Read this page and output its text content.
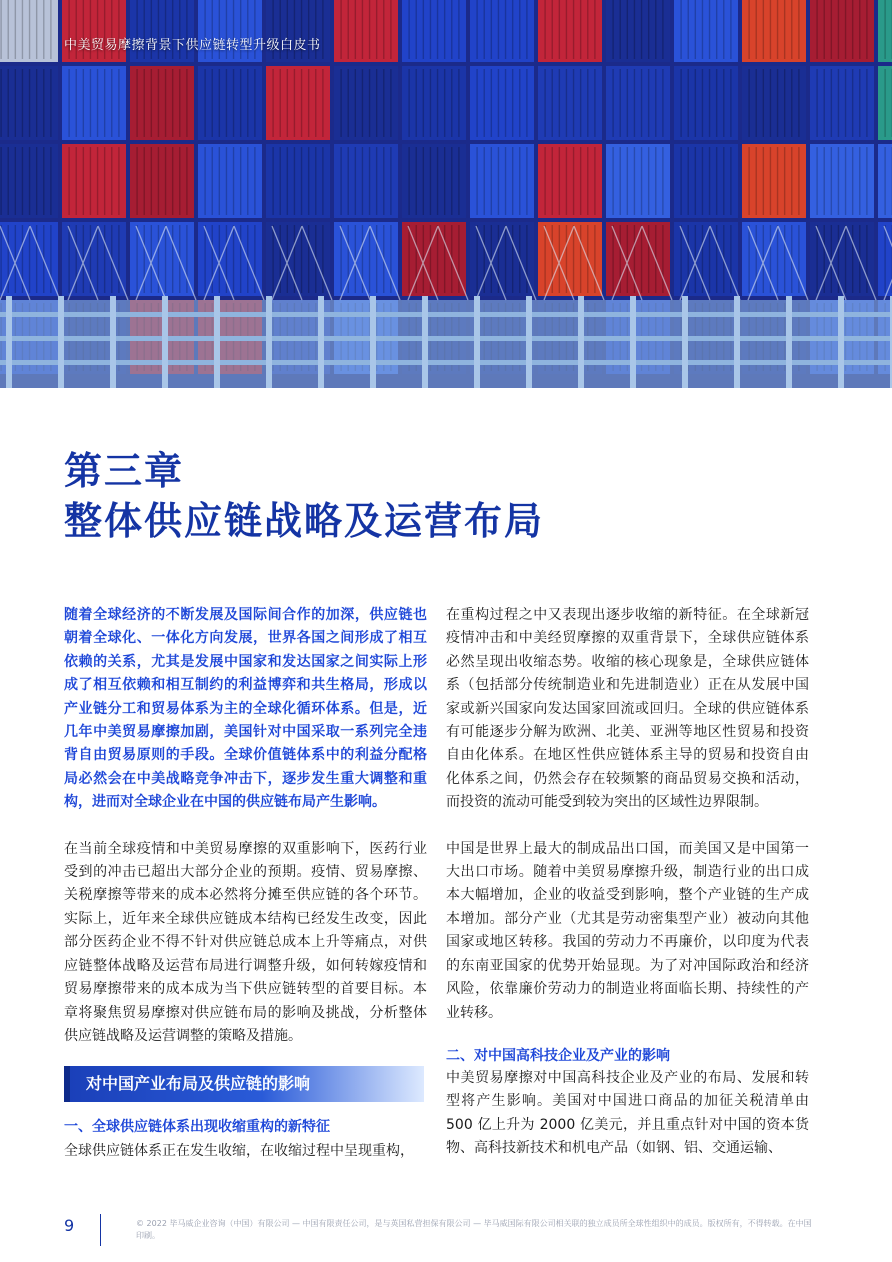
中美贸易摩擦背景下供应链转型升级白皮书
第三章
整体供应链战略及运营布局

随着全球经济的不断发展及国际间合作的加深，供应链也朝着全球化、一体化方向发展，世界各国之间形成了相互依赖的关系，尤其是发展中国家和发达国家之间实际上形成了相互依赖和相互制约的利益博弈和共生格局，形成以产业链分工和贸易体系为主的全球化循环体系。但是，近几年中美贸易摩擦加剧，美国针对中国采取一系列完全违背自由贸易原则的手段。全球价值链体系中的利益分配格局必然会在中美战略竞争冲击下，逐步发生重大调整和重构，进而对全球企业在中国的供应链布局产生影响。

在当前全球疫情和中美贸易摩擦的双重影响下，医药行业受到的冲击已超出大部分企业的预期。疫情、贸易摩擦、关税摩擦等带来的成本必然将分摊至供应链的各个环节。实际上，近年来全球供应链成本结构已经发生改变，因此部分医药企业不得不针对供应链总成本上升等痛点，对供应链整体战略及运营布局进行调整升级，如何转嫁疫情和贸易摩擦带来的成本成为当下供应链转型的首要目标。本章将聚焦贸易摩擦对供应链布局的影响及挑战，分析整体供应链战略及运营调整的策略及措施。

对中国产业布局及供应链的影响
一、全球供应链体系出现收缩重构的新特征

全球供应链体系正在发生收缩，在收缩过程中呈现重构，

在重构过程之中又表现出逐步收缩的新特征。在全球新冠疫情冲击和中美经贸摩擦的双重背景下，全球供应链体系必然呈现出收缩态势。收缩的核心现象是，全球供应链体系（包括部分传统制造业和先进制造业）正在从发展中国家或新兴国家向发达国家回流或回归。全球的供应链体系有可能逐步分解为欧洲、北美、亚洲等地区性贸易和投资自由化体系。在地区性供应链体系主导的贸易和投资自由化体系之间，仍然会存在较频繁的商品贸易交换和活动，而投资的流动可能受到较为突出的区域性边界限制。

中国是世界上最大的制成品出口国，而美国又是中国第一大出口市场。随着中美贸易摩擦升级，制造行业的出口成本大幅增加，企业的收益受到影响，整个产业链的生产成本增加。部分产业（尤其是劳动密集型产业）被动向其他国家或地区转移。我国的劳动力不再廉价，以印度为代表的东南亚国家的优势开始显现。为了对冲国际政治和经济风险，依靠廉价劳动力的制造业将面临长期、持续性的产业转移。

二、对中国高科技企业及产业的影响

中美贸易摩擦对中国高科技企业及产业的布局、发展和转型将产生影响。美国对中国进口商品的加征关税清单由 500 亿上升为 2000 亿美元，并且重点针对中国的资本货物、高科技新技术和机电产品（如钢、铝、交通运输、

9	© 2022 毕马威企业咨询（中国）有限公司 — 中国有限责任公司，是与英国私营担保有限公司 — 毕马威国际有限公司相关联的独立成员所全球性组织中的成员。版权所有，不得转载。在中国印刷。
